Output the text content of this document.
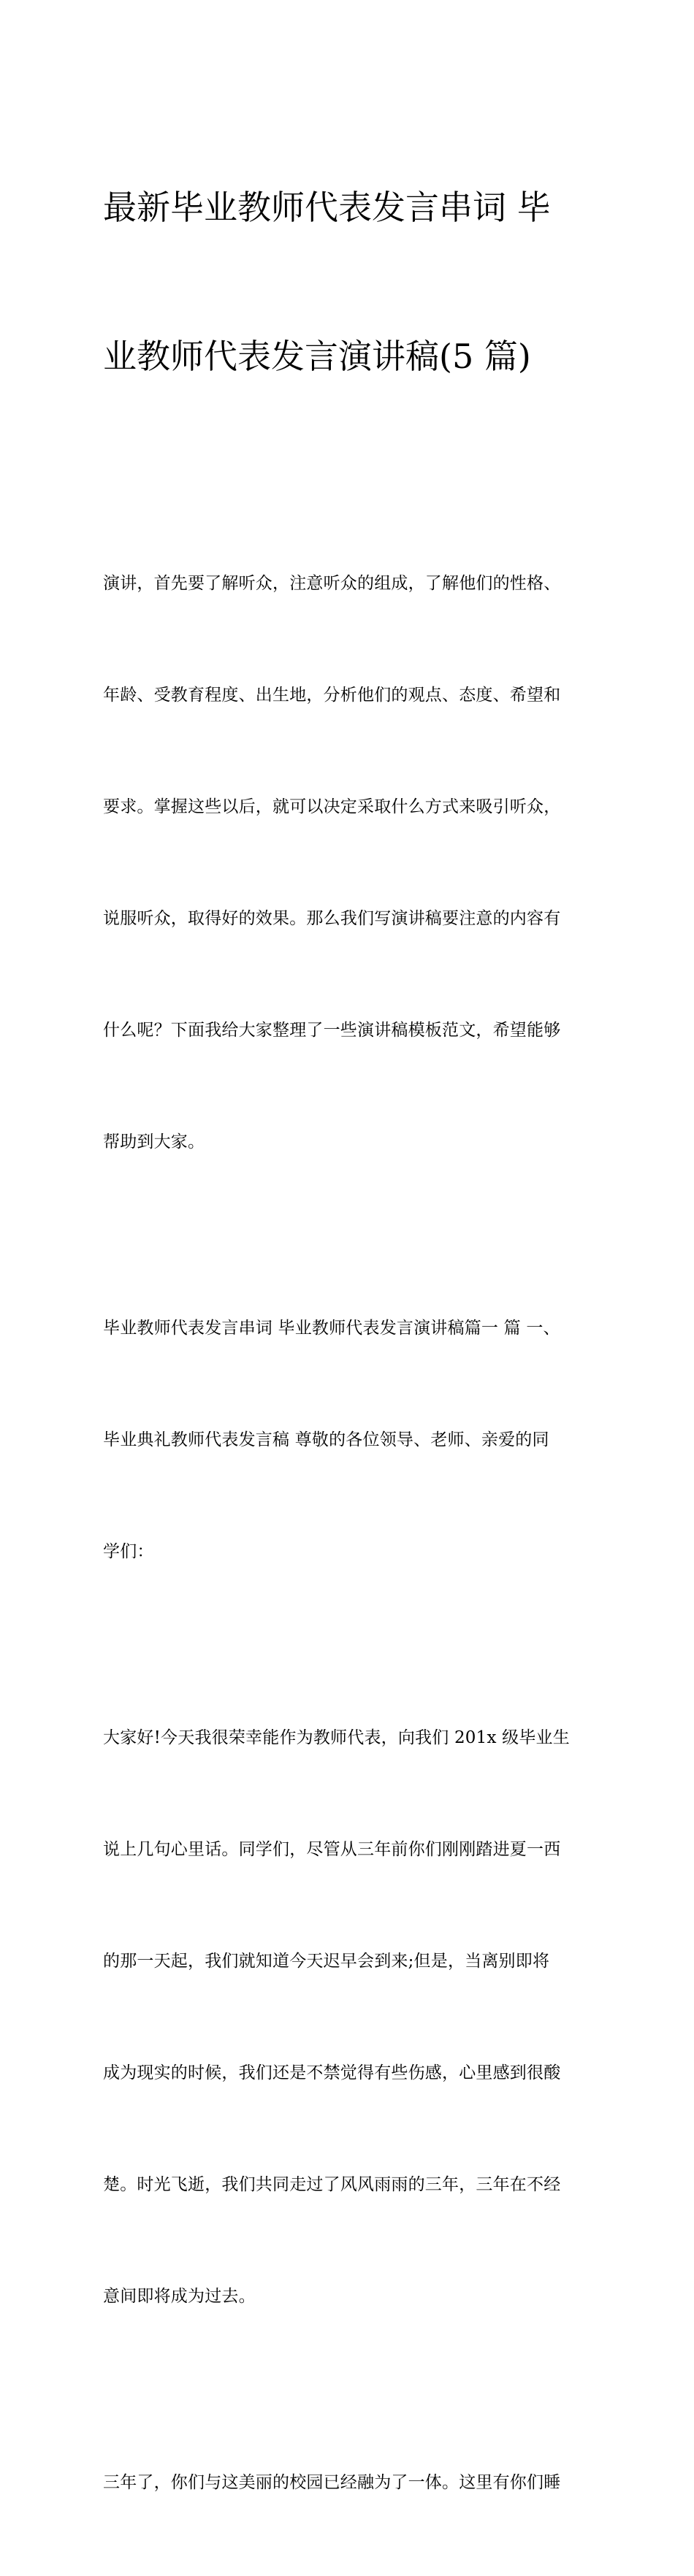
最新毕业教师代表发言串词 毕

业教师代表发言演讲稿(5 篇)

演讲，首先要了解听众，注意听众的组成，了解他们的性格、

年龄、受教育程度、出生地，分析他们的观点、态度、希望和

要求。掌握这些以后，就可以决定采取什么方式来吸引听众，

说服听众，取得好的效果。那么我们写演讲稿要注意的内容有

什么呢？下面我给大家整理了一些演讲稿模板范文，希望能够

帮助到大家。

毕业教师代表发言串词 毕业教师代表发言演讲稿篇一 篇 一、

毕业典礼教师代表发言稿 尊敬的各位领导、老师、亲爱的同

学们：

大家好!今天我很荣幸能作为教师代表，向我们 201x 级毕业生

说上几句心里话。同学们，尽管从三年前你们刚刚踏进夏一西

的那一天起，我们就知道今天迟早会到来;但是，当离别即将

成为现实的时候，我们还是不禁觉得有些伤感，心里感到很酸

楚。时光飞逝，我们共同走过了风风雨雨的三年，三年在不经

意间即将成为过去。

三年了，你们与这美丽的校园已经融为了一体。这里有你们睡
